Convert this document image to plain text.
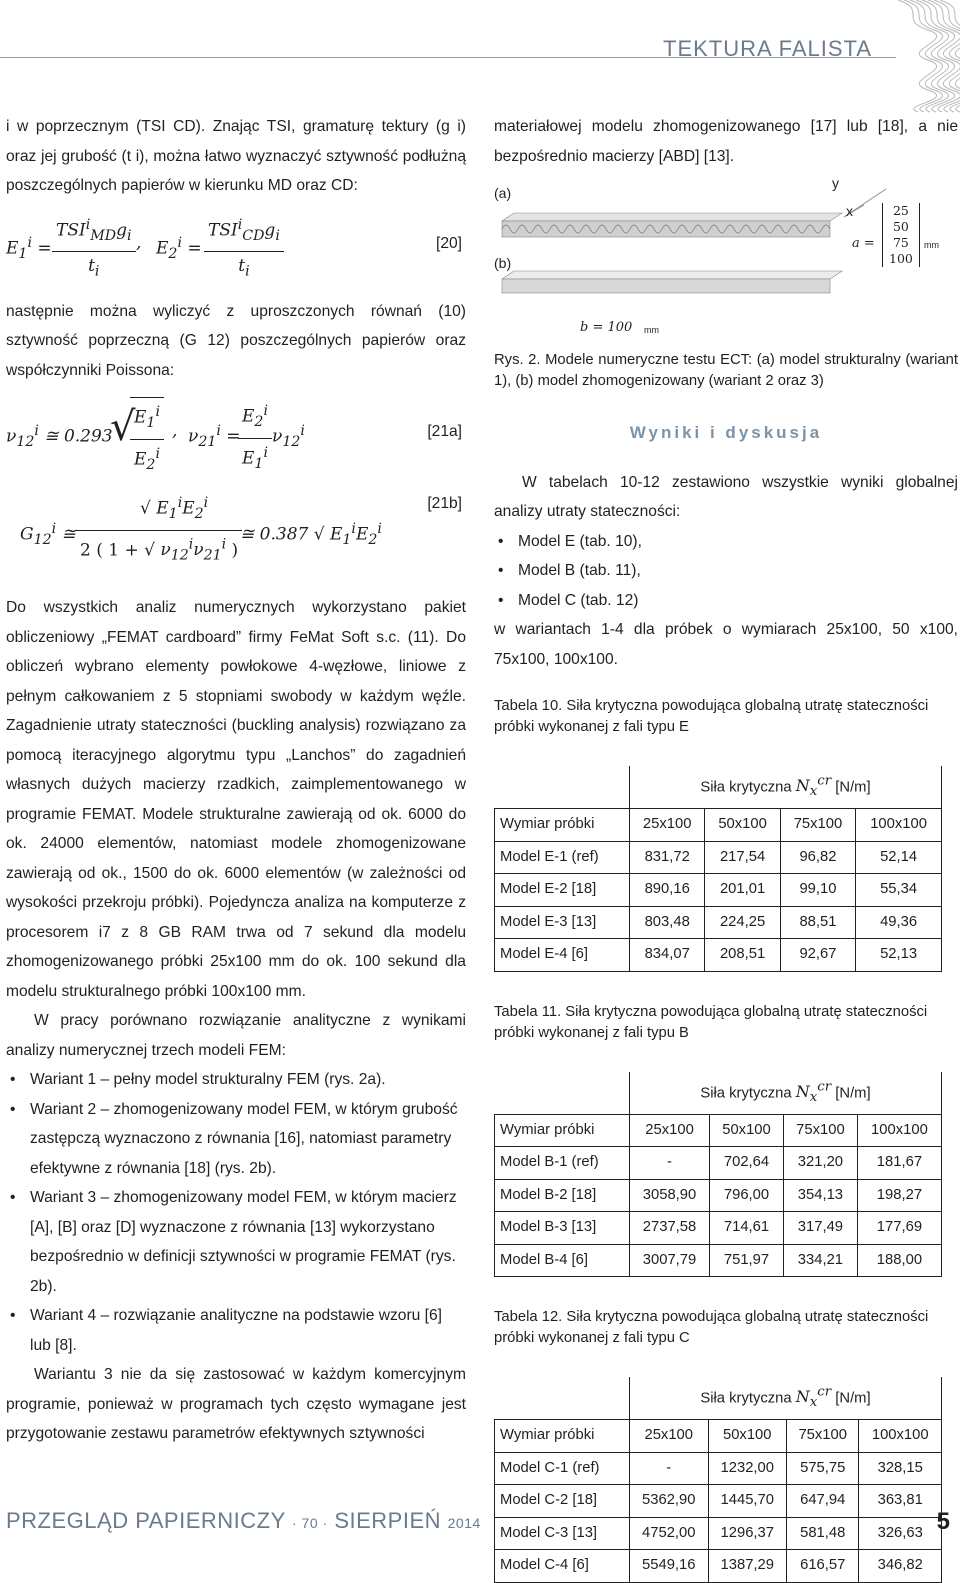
TEKTURA FALISTA

i w poprzecznym (TSI CD). Znając TSI, gramaturę tektury (g i) oraz jej grubość (t i), można łatwo wyznaczyć sztywność podłużną poszczególnych papierów w kierunku MD oraz CD:

$E_1^i$ =
$TSI^i_{MD}g_i$
$t_i$
, $E_2^i$ =
$TSI^i_{CD}g_i$
$t_i$
[20]

następnie można wyliczyć z uproszczonych równań (10) sztywność poprzeczną (G 12) poszczególnych papierów oraz współczynniki Poissona:

$\nu_{12}^i$ ≅ 0.293
√
$\frac{E_1^i}{E_2^i}$ , $\nu_{21}^i$ =
$\frac{E_2^i}{E_1^i} \nu_{12}^i$	[21a]
$G_{12}^i$ ≅ $\frac{√ E_1^iE_2^i}{2 ( 1 + √ \nu_{12}^i\nu_{21}^i )}$
≅ 0.387 √ $E_1^iE_2^i$
[21b]

Do wszystkich analiz numerycznych wykorzystano pakiet obliczeniowy „FEMAT cardboard” firmy FeMat Soft s.c. (11). Do obliczeń wybrano elementy powłokowe 4-węzłowe, liniowe z pełnym całkowaniem z 5 stopniami swobody w każdym węźle. Zagadnienie utraty stateczności (buckling analysis) rozwiązano za pomocą iteracyjnego algorytmu typu „Lanchos” do zagadnień własnych dużych macierzy rzadkich, zaimplementowanego w programie FEMAT. Modele strukturalne zawierają od ok. 6000 do ok. 24000 elementów, natomiast modele zhomogenizowane zawierają od ok., 1500 do ok. 6000 elementów (w zależności od wysokości przekroju próbki). Pojedyncza analiza na komputerze z procesorem i7 z 8 GB RAM trwa od 7 sekund dla modelu zhomogenizowanego próbki 25x100 mm do ok. 100 sekund dla modelu strukturalnego próbki 100x100 mm.

W pracy porównano rozwiązanie analityczne z wynikami analizy numerycznej trzech modeli FEM:

• Wariant 1 – pełny model strukturalny FEM (rys. 2a).
• Wariant 2 – zhomogenizowany model FEM, w którym grubość zastępczą wyznaczono z równania [16], natomiast parametry efektywne z równania [18] (rys. 2b).
• Wariant 3 – zhomogenizowany model FEM, w którym macierz [A], [B] oraz [D] wyznaczone z równania [13] wykorzystano bezpośrednio w definicji sztywności w programie FEMAT (rys. 2b).
• Wariant 4 – rozwiązanie analityczne na podstawie wzoru [6] lub [8].

Wariantu 3 nie da się zastosować w każdym komercyjnym programie, ponieważ w programach tych często wymagane jest przygotowanie zestawu parametrów efektywnych sztywności

materiałowej modelu zhomogenizowanego [17] lub [18], a nie bezpośrednio macierzy [ABD] [13].

(a)
(b)
y
x
a =
25
50
75
100
mm
b = 100 mm

Rys. 2. Modele numeryczne testu ECT: (a) model strukturalny (wariant 1), (b) model zhomogenizowany (wariant 2 oraz 3)

Wyniki i dyskusja

W tabelach 10-12 zestawiono wszystkie wyniki globalnej analizy utraty stateczności:

• Model E (tab. 10),
• Model B (tab. 11),
• Model C (tab. 12)

w wariantach 1-4 dla próbek o wymiarach 25x100, 50 x100, 75x100, 100x100.

Tabela 10. Siła krytyczna powodująca globalną utratę stateczności próbki wykonanej z fali typu E

	Siła krytyczna $N_x^{cr}$ [N/m]			
Wymiar próbki	25x100	50x100	75x100	100x100
Model E-1 (ref)	831,72	217,54	96,82	52,14
Model E-2 [18]	890,16	201,01	99,10	55,34
Model E-3 [13]	803,48	224,25	88,51	49,36
Model E-4 [6]	834,07	208,51	92,67	52,13

Tabela 11. Siła krytyczna powodująca globalną utratę stateczności próbki wykonanej z fali typu B

	Siła krytyczna $N_x^{cr}$ [N/m]			
Wymiar próbki	25x100	50x100	75x100	100x100
Model B-1 (ref)	-	702,64	321,20	181,67
Model B-2 [18]	3058,90	796,00	354,13	198,27
Model B-3 [13]	2737,58	714,61	317,49	177,69
Model B-4 [6]	3007,79	751,97	334,21	188,00

Tabela 12. Siła krytyczna powodująca globalną utratę stateczności próbki wykonanej z fali typu C

	Siła krytyczna $N_x^{cr}$ [N/m]			
Wymiar próbki	25x100	50x100	75x100	100x100
Model C-1 (ref)	-	1232,00	575,75	328,15
Model C-2 [18]	5362,90	1445,70	647,94	363,81
Model C-3 [13]	4752,00	1296,37	581,48	326,63
Model C-4 [6]	5549,16	1387,29	616,57	346,82
PRZEGLĄD PAPIERNICZY · 70 · SIERPIEŃ 2014	5
